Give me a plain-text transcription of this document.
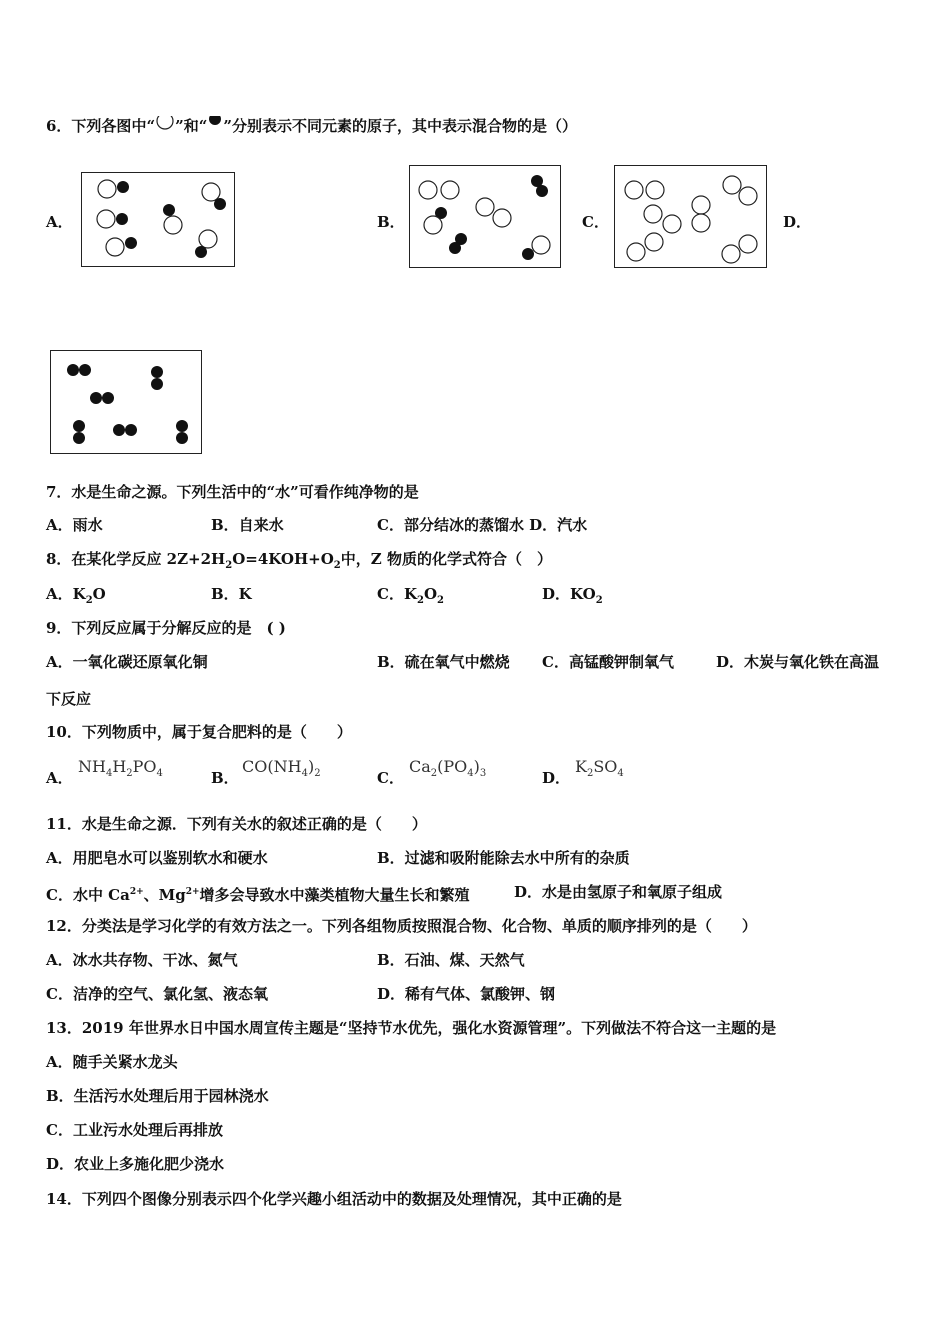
6．下列各图中“ ”和“ ”分别表示不同元素的原子，其中表示混合物的是（）
A．	B．	C．	D．
7．水是生命之源。下列生活中的“水”可看作纯净物的是
A．雨水	B．自来水	C．部分结冰的蒸馏水 D．汽水
8．在某化学反应 $2Z+2H_2O=4KOH+O_2$中，Z 物质的化学式符合（　）
A．$K_2O$	B．K	C．$K_2O_2$	D．$KO_2$
9．下列反应属于分解反应的是　( )
A．一氧化碳还原氧化铜	B．硫在氧气中燃烧 C．高锰酸钾制氧气	D．木炭与氧化铁在高温
下反应
10．下列物质中，属于复合肥料的是（　　）
A．
$NH_4H_2PO_4$	B．
$CO(NH_4)_2$	C．
$Ca_2(PO_4)_3$	D．
$K_2SO_4$
11．水是生命之源．下列有关水的叙述正确的是（　　）
A．用肥皂水可以鉴别软水和硬水	B．过滤和吸附能除去水中所有的杂质
C．水中 $Ca^{2+}$、$Mg^{2+}$增多会导致水中藻类植物大量生长和繁殖	D．水是由氢原子和氧原子组成
12．分类法是学习化学的有效方法之一。下列各组物质按照混合物、化合物、单质的顺序排列的是（　　）
A．冰水共存物、干冰、氮气	B．石油、煤、天然气
C．洁净的空气、氯化氢、液态氧	D．稀有气体、氯酸钾、钢
13．2019 年世界水日中国水周宣传主题是“坚持节水优先，强化水资源管理”。下列做法不符合这一主题的是
A．随手关紧水龙头
B．生活污水处理后用于园林浇水
C．工业污水处理后再排放
D．农业上多施化肥少浇水
14．下列四个图像分别表示四个化学兴趣小组活动中的数据及处理情况，其中正确的是
